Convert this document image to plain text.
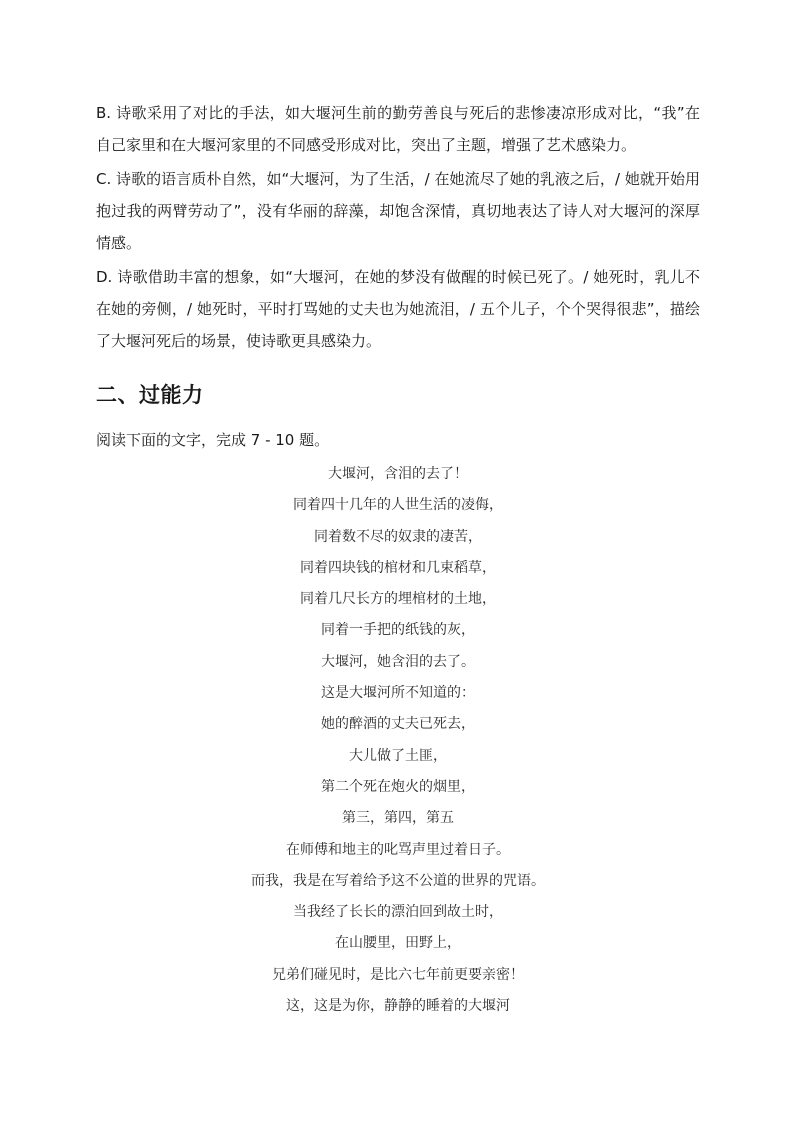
B. 诗歌采用了对比的手法，如大堰河生前的勤劳善良与死后的悲惨凄凉形成对比，“我”在自己家里和在大堰河家里的不同感受形成对比，突出了主题，增强了艺术感染力。

C. 诗歌的语言质朴自然，如“大堰河，为了生活，/ 在她流尽了她的乳液之后，/ 她就开始用抱过我的两臂劳动了”，没有华丽的辞藻，却饱含深情，真切地表达了诗人对大堰河的深厚情感。

D. 诗歌借助丰富的想象，如“大堰河，在她的梦没有做醒的时候已死了。/ 她死时，乳儿不在她的旁侧，/ 她死时，平时打骂她的丈夫也为她流泪，/ 五个儿子，个个哭得很悲”，描绘了大堰河死后的场景，使诗歌更具感染力。

二、过能力

阅读下面的文字，完成 7 - 10 题。

大堰河，含泪的去了！
同着四十几年的人世生活的凌侮，
同着数不尽的奴隶的凄苦，
同着四块钱的棺材和几束稻草，
同着几尺长方的埋棺材的土地，
同着一手把的纸钱的灰，
大堰河，她含泪的去了。
这是大堰河所不知道的：
她的醉酒的丈夫已死去，
大儿做了土匪，
第二个死在炮火的烟里，
第三，第四，第五
在师傅和地主的叱骂声里过着日子。
而我，我是在写着给予这不公道的世界的咒语。
当我经了长长的漂泊回到故土时，
在山腰里，田野上，
兄弟们碰见时，是比六七年前更要亲密！
这，这是为你，静静的睡着的大堰河
